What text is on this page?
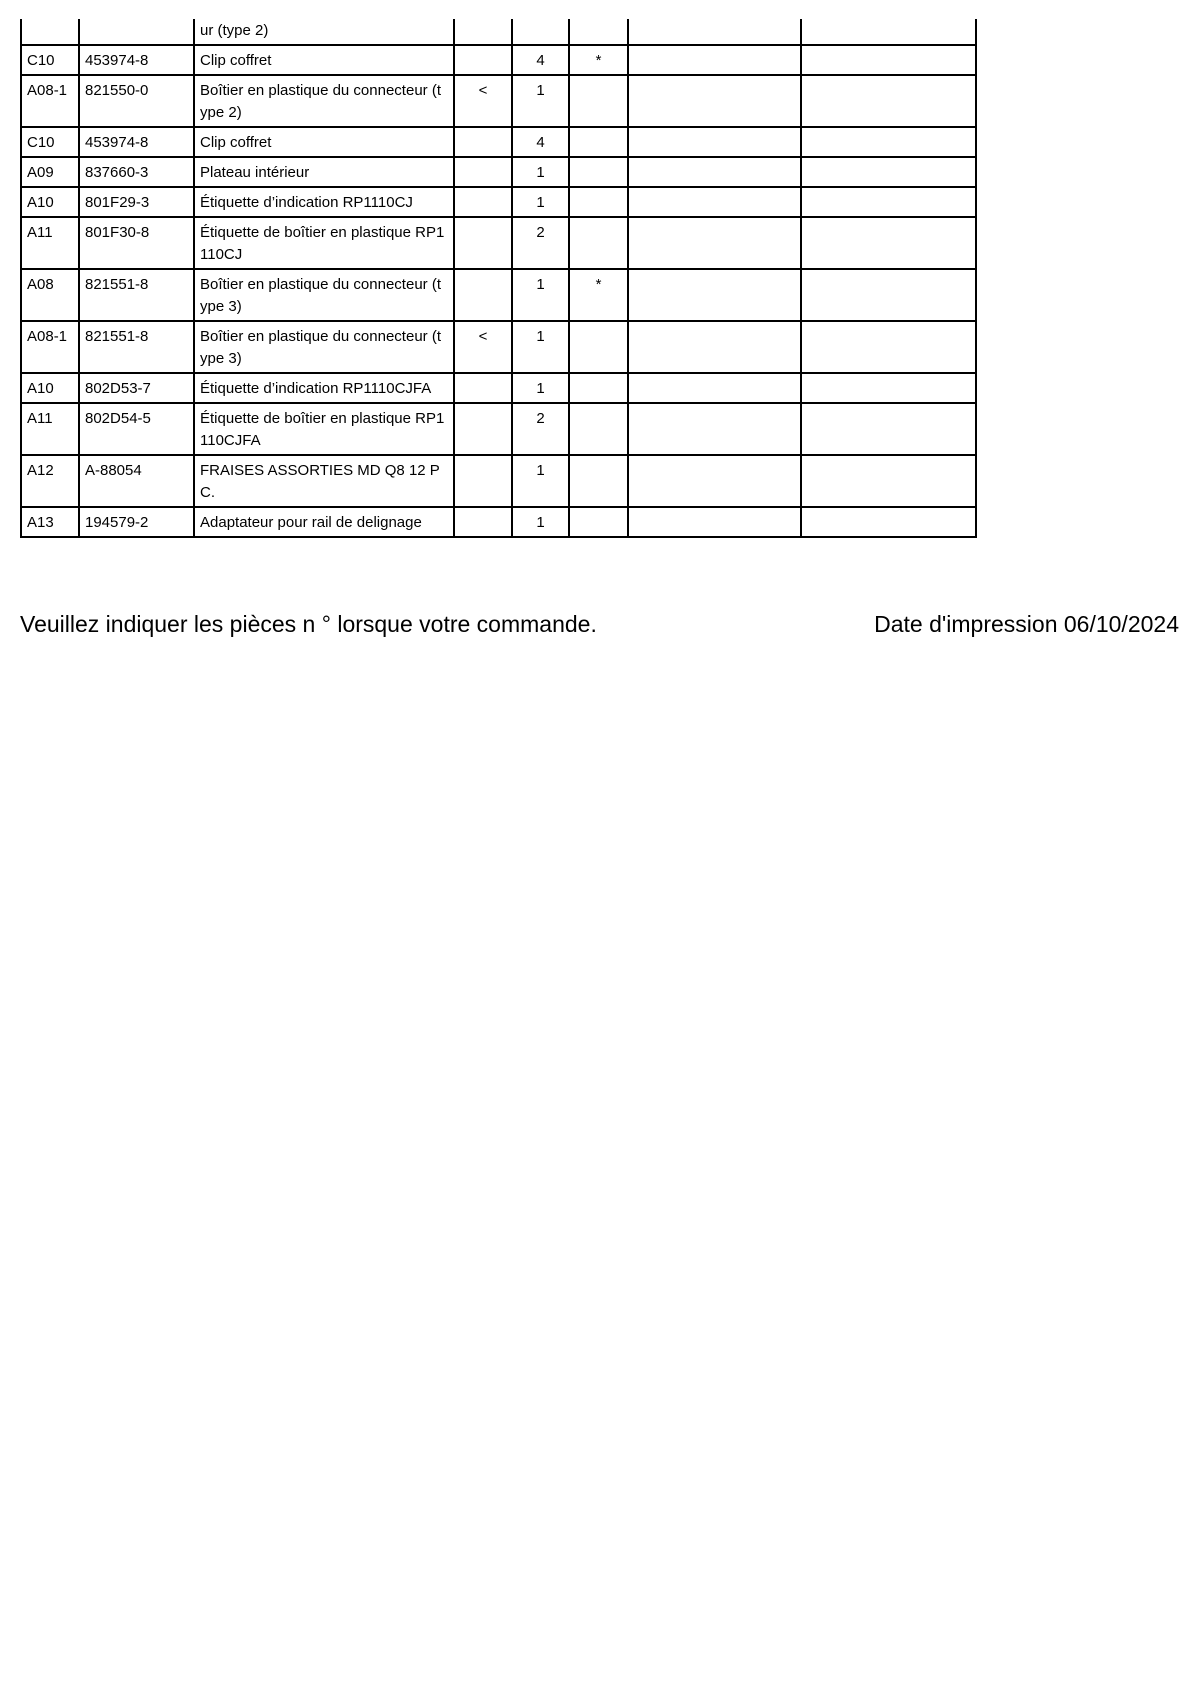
		ur (type 2)					
C10	453974-8	Clip coffret		4	*		
A08-1	821550-0	Boîtier en plastique du connecteur (type 2)	<	1			
C10	453974-8	Clip coffret		4			
A09	837660-3	Plateau intérieur		1			
A10	801F29-3	Étiquette d’indication RP1110CJ		1			
A11	801F30-8	Étiquette de boîtier en plastique RP1110CJ		2			
A08	821551-8	Boîtier en plastique du connecteur (type 3)		1	*		
A08-1	821551-8	Boîtier en plastique du connecteur (type 3)	<	1			
A10	802D53-7	Étiquette d’indication RP1110CJFA		1			
A11	802D54-5	Étiquette de boîtier en plastique RP1110CJFA		2			
A12	A-88054	FRAISES ASSORTIES MD Q8 12 PC.		1			
A13	194579-2	Adaptateur pour rail de delignage		1			
Veuillez indiquer les pièces n ° lorsque votre commande.	Date d'impression 06/10/2024
